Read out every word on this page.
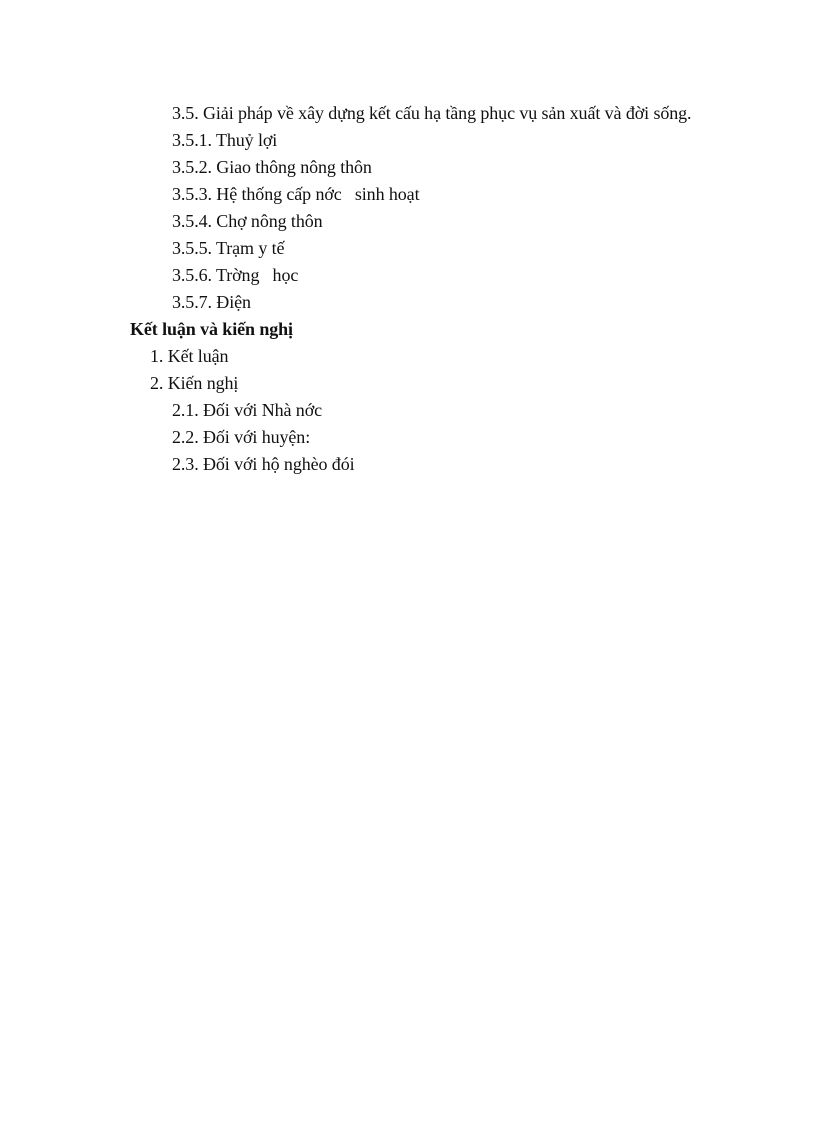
3.5. Giải pháp về xây dựng kết cấu hạ tầng phục vụ sản xuất và đời sống.
3.5.1. Thuỷ lợi
3.5.2. Giao thông nông thôn
3.5.3. Hệ thống cấp nớc   sinh hoạt
3.5.4. Chợ nông thôn
3.5.5. Trạm y tế
3.5.6. Trờng   học
3.5.7. Điện
Kết luận và kiến nghị
1. Kết luận
2. Kiến nghị
2.1. Đối với Nhà nớc
2.2. Đối với huyện:
2.3. Đối với hộ nghèo đói
